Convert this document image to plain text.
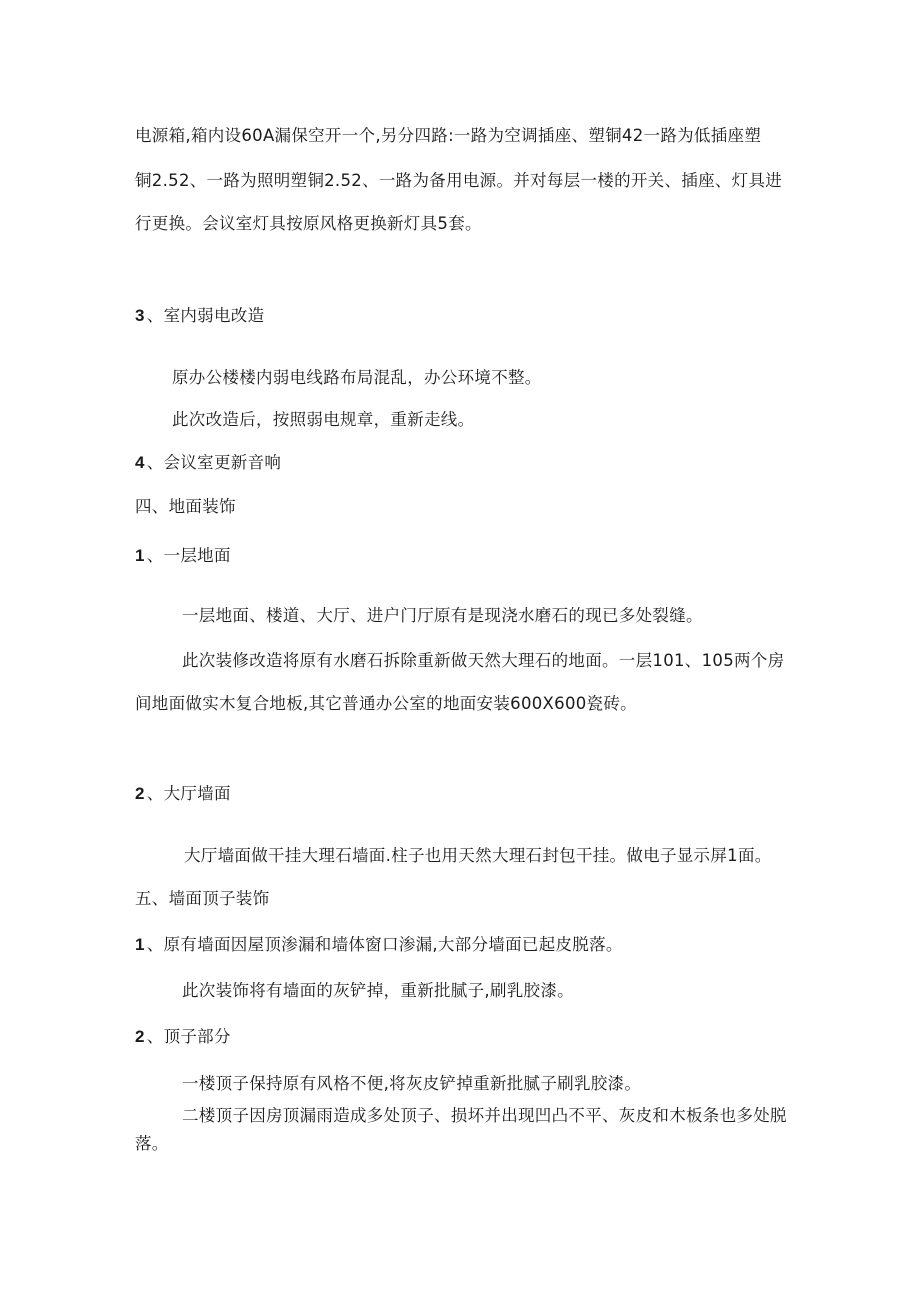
电源箱,箱内设60A漏保空开一个,另分四路:一路为空调插座、塑铜42一路为低插座塑
铜2.52、一路为照明塑铜2.52、一路为备用电源。并对每层一楼的开关、插座、灯具进
行更换。会议室灯具按原风格更换新灯具5套。
3 、室内弱电改造
原办公楼楼内弱电线路布局混乱，办公环境不整。
此次改造后，按照弱电规章，重新走线。
4 、会议室更新音响
四、地面装饰
1 、一层地面
一层地面、楼道、大厅、进户门厅原有是现浇水磨石的现已多处裂缝。
此次装修改造将原有水磨石拆除重新做天然大理石的地面。一层101、105两个房
间地面做实木复合地板,其它普通办公室的地面安装600X600瓷砖。
2 、大厅墙面
大厅墙面做干挂大理石墙面.柱子也用天然大理石封包干挂。做电子显示屏1面。
五、墙面顶子装饰
1 、原有墙面因屋顶渗漏和墙体窗口渗漏,大部分墙面已起皮脱落。
此次装饰将有墙面的灰铲掉，重新批腻子,刷乳胶漆。
2 、顶子部分
一楼顶子保持原有风格不便,将灰皮铲掉重新批腻子刷乳胶漆。
二楼顶子因房顶漏雨造成多处顶子、损坏并出现凹凸不平、灰皮和木板条也多处脱
落。
